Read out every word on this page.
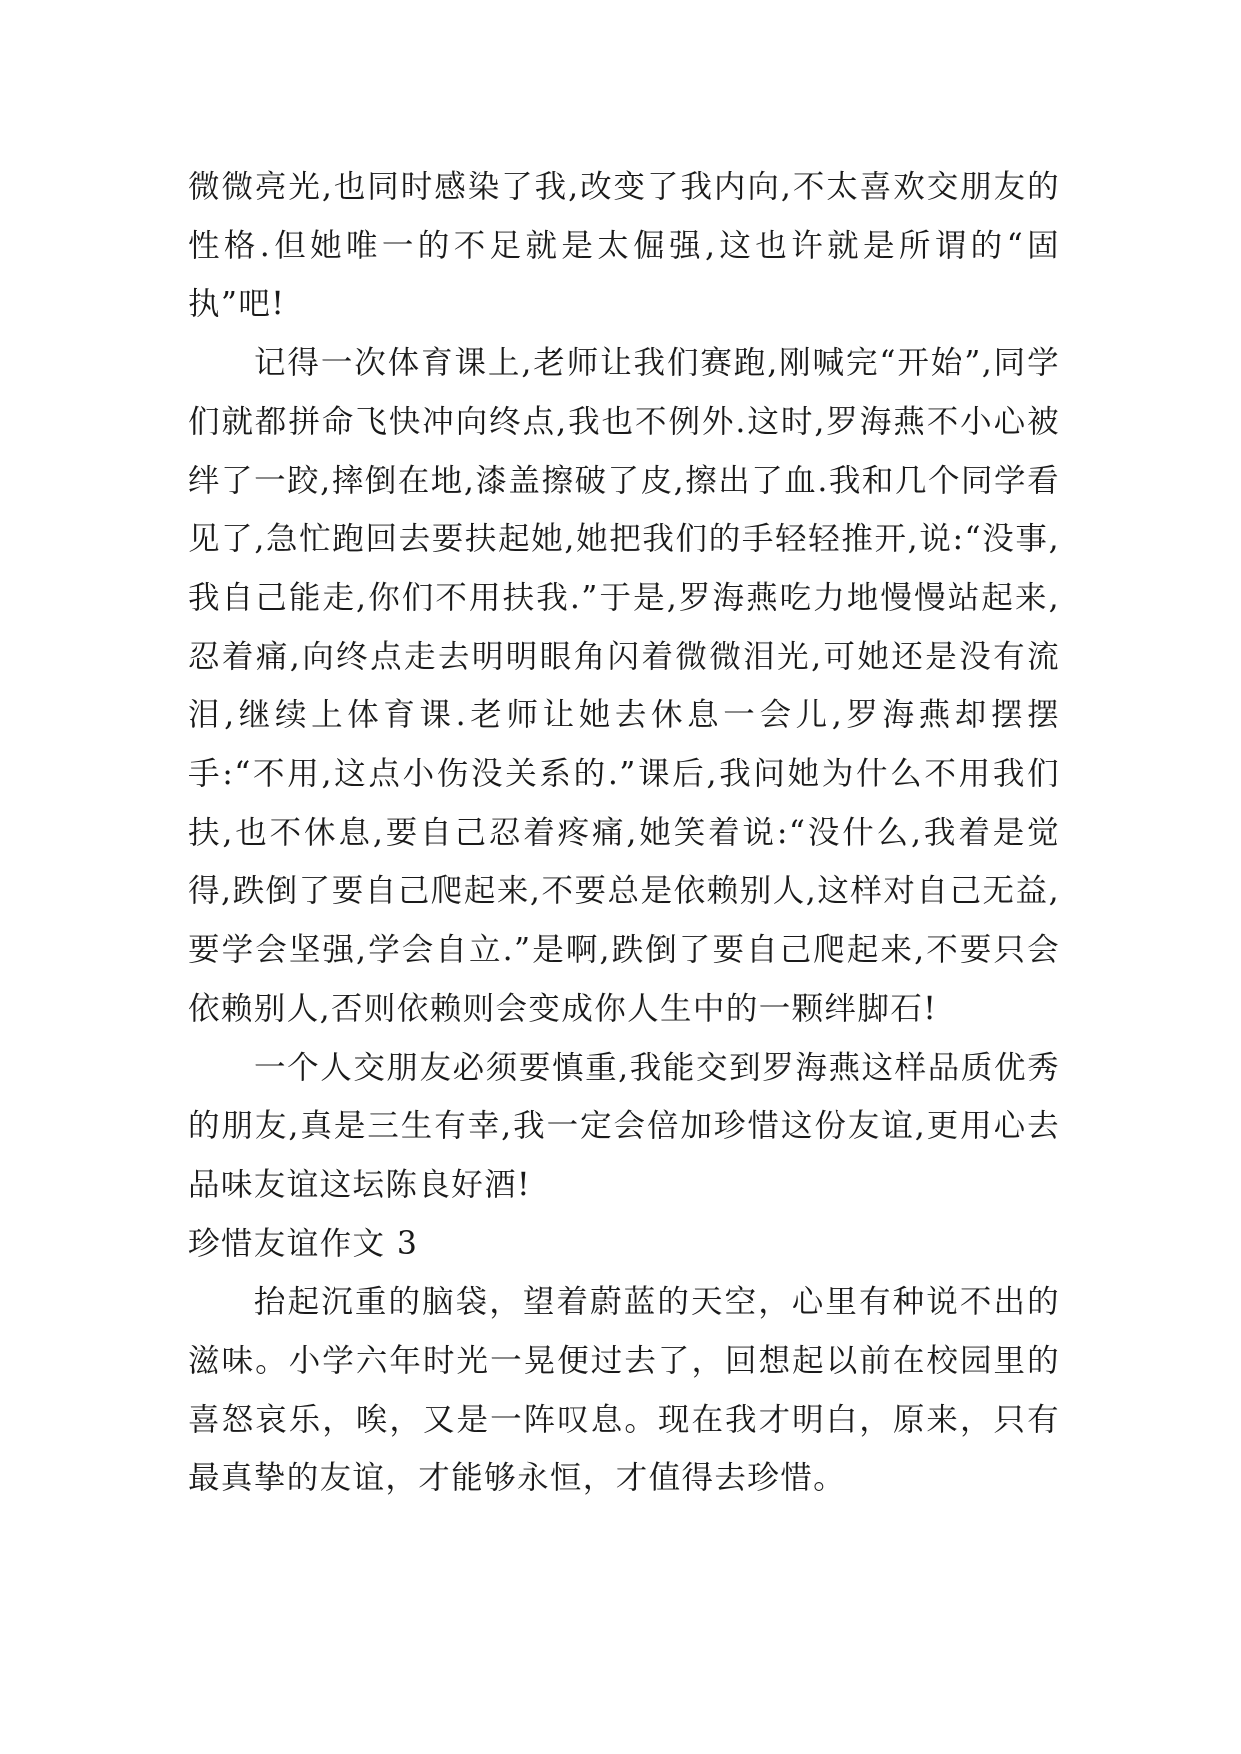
微微亮光,也同时感染了我,改变了我内向,不太喜欢交朋友的性格.但她唯一的不足就是太倔强,这也许就是所谓的“固执”吧!

记得一次体育课上,老师让我们赛跑,刚喊完“开始”,同学们就都拼命飞快冲向终点,我也不例外.这时,罗海燕不小心被绊了一跤,摔倒在地,漆盖擦破了皮,擦出了血.我和几个同学看见了,急忙跑回去要扶起她,她把我们的手轻轻推开,说:“没事,我自己能走,你们不用扶我.”于是,罗海燕吃力地慢慢站起来,忍着痛,向终点走去明明眼角闪着微微泪光,可她还是没有流泪,继续上体育课.老师让她去休息一会儿,罗海燕却摆摆手:“不用,这点小伤没关系的.”课后,我问她为什么不用我们扶,也不休息,要自己忍着疼痛,她笑着说:“没什么,我着是觉得,跌倒了要自己爬起来,不要总是依赖别人,这样对自己无益,要学会坚强,学会自立.”是啊,跌倒了要自己爬起来,不要只会依赖别人,否则依赖则会变成你人生中的一颗绊脚石!

一个人交朋友必须要慎重,我能交到罗海燕这样品质优秀的朋友,真是三生有幸,我一定会倍加珍惜这份友谊,更用心去品味友谊这坛陈良好酒!

珍惜友谊作文 3

抬起沉重的脑袋，望着蔚蓝的天空，心里有种说不出的滋味。小学六年时光一晃便过去了，回想起以前在校园里的喜怒哀乐，唉，又是一阵叹息。现在我才明白，原来，只有最真挚的友谊，才能够永恒，才值得去珍惜。
